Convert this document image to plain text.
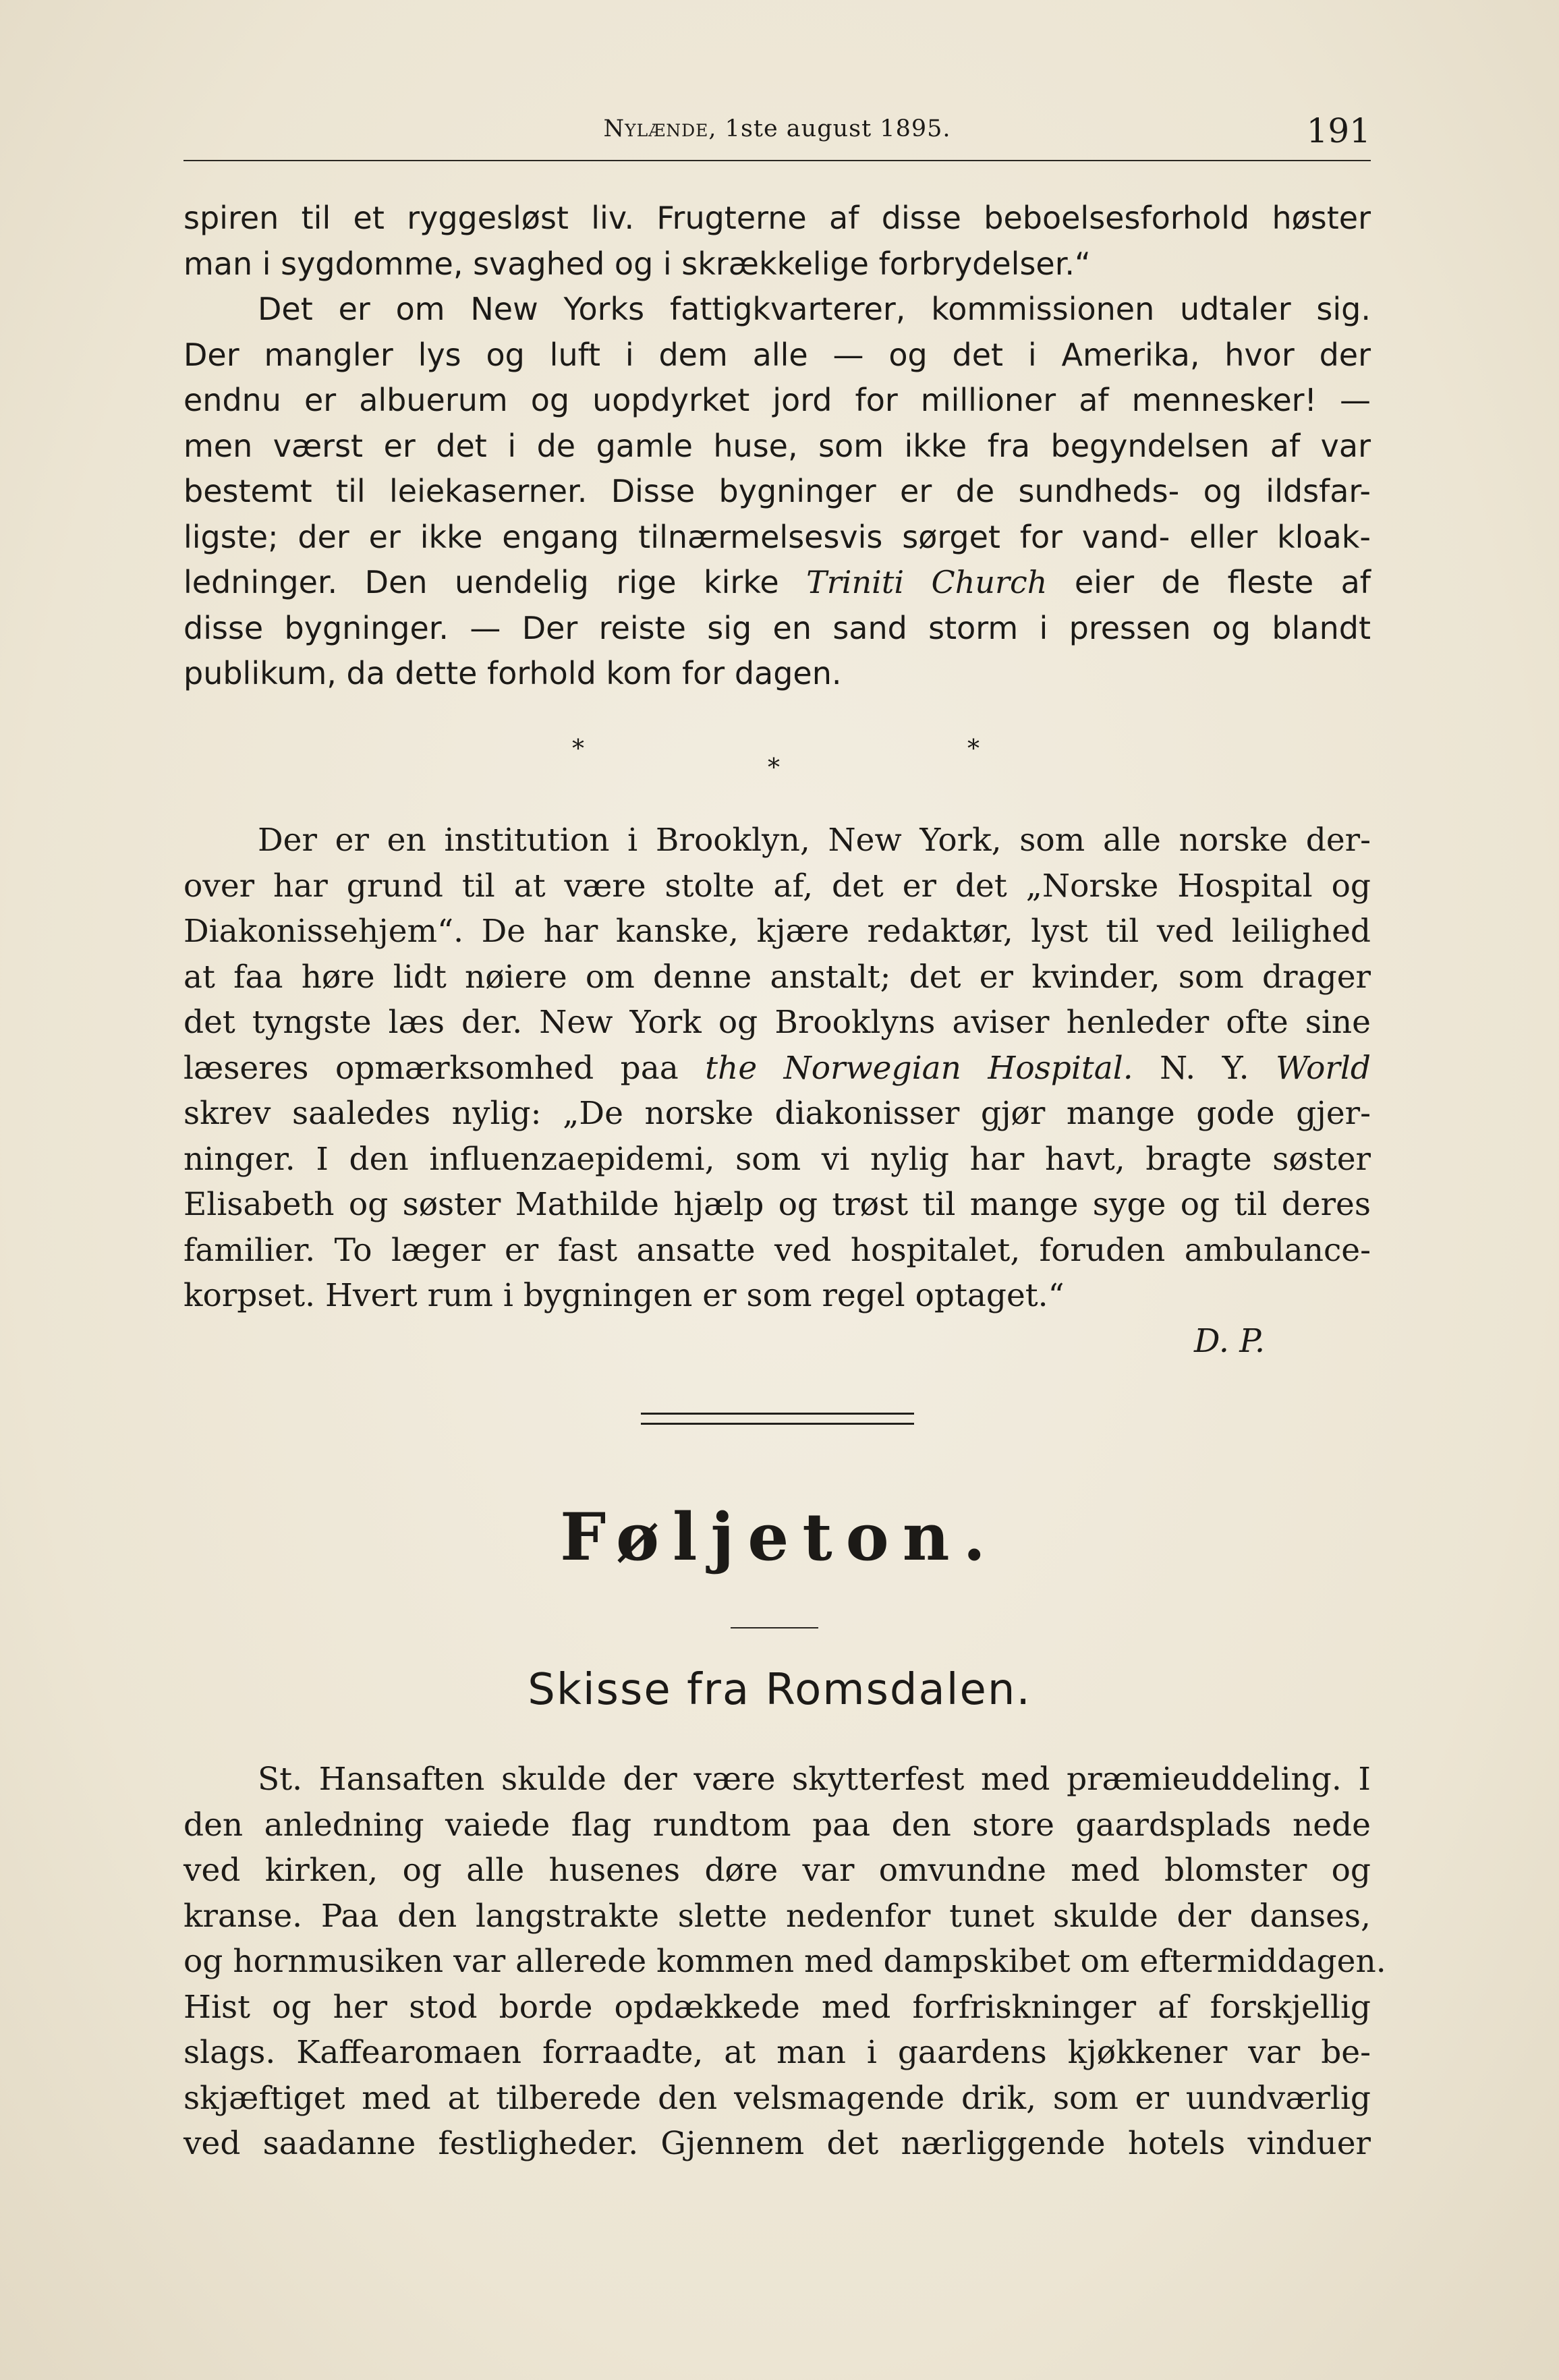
Nylænde, 1ste august 1895.	191
spiren til et ryggesløst liv. Frugterne af disse beboelsesforhold høster
man i sygdomme, svaghed og i skrækkelige forbrydelser.“
Det er om New Yorks fattigkvarterer, kommissionen udtaler sig.
Der mangler lys og luft i dem alle — og det i Amerika, hvor der
endnu er albuerum og uopdyrket jord for millioner af mennesker! —
men værst er det i de gamle huse, som ikke fra begyndelsen af var
bestemt til leiekaserner. Disse bygninger er de sundheds- og ildsfar-
ligste; der er ikke engang tilnærmelsesvis sørget for vand- eller kloak-
ledninger. Den uendelig rige kirke Triniti Church eier de fleste af
disse bygninger. — Der reiste sig en sand storm i pressen og blandt
publikum, da dette forhold kom for dagen.
*
*
*
Der er en institution i Brooklyn, New York, som alle norske der-
over har grund til at være stolte af, det er det „Norske Hospital og
Diakonissehjem“. De har kanske, kjære redaktør, lyst til ved leilighed
at faa høre lidt nøiere om denne anstalt; det er kvinder, som drager
det tyngste læs der. New York og Brooklyns aviser henleder ofte sine
læseres opmærksomhed paa the Norwegian Hospital. N. Y. World
skrev saaledes nylig: „De norske diakonisser gjør mange gode gjer-
ninger. I den influenzaepidemi, som vi nylig har havt, bragte søster
Elisabeth og søster Mathilde hjælp og trøst til mange syge og til deres
familier. To læger er fast ansatte ved hospitalet, foruden ambulance-
korpset. Hvert rum i bygningen er som regel optaget.“
D. P.
Føljeton.
Skisse fra Romsdalen.
St. Hansaften skulde der være skytterfest med præmieuddeling. I
den anledning vaiede flag rundtom paa den store gaardsplads nede
ved kirken, og alle husenes døre var omvundne med blomster og
kranse. Paa den langstrakte slette nedenfor tunet skulde der danses,
og hornmusiken var allerede kommen med dampskibet om eftermiddagen.
Hist og her stod borde opdækkede med forfriskninger af forskjellig
slags. Kaffearomaen forraadte, at man i gaardens kjøkkener var be-
skjæftiget med at tilberede den velsmagende drik, som er uundværlig
ved saadanne festligheder. Gjennem det nærliggende hotels vinduer
